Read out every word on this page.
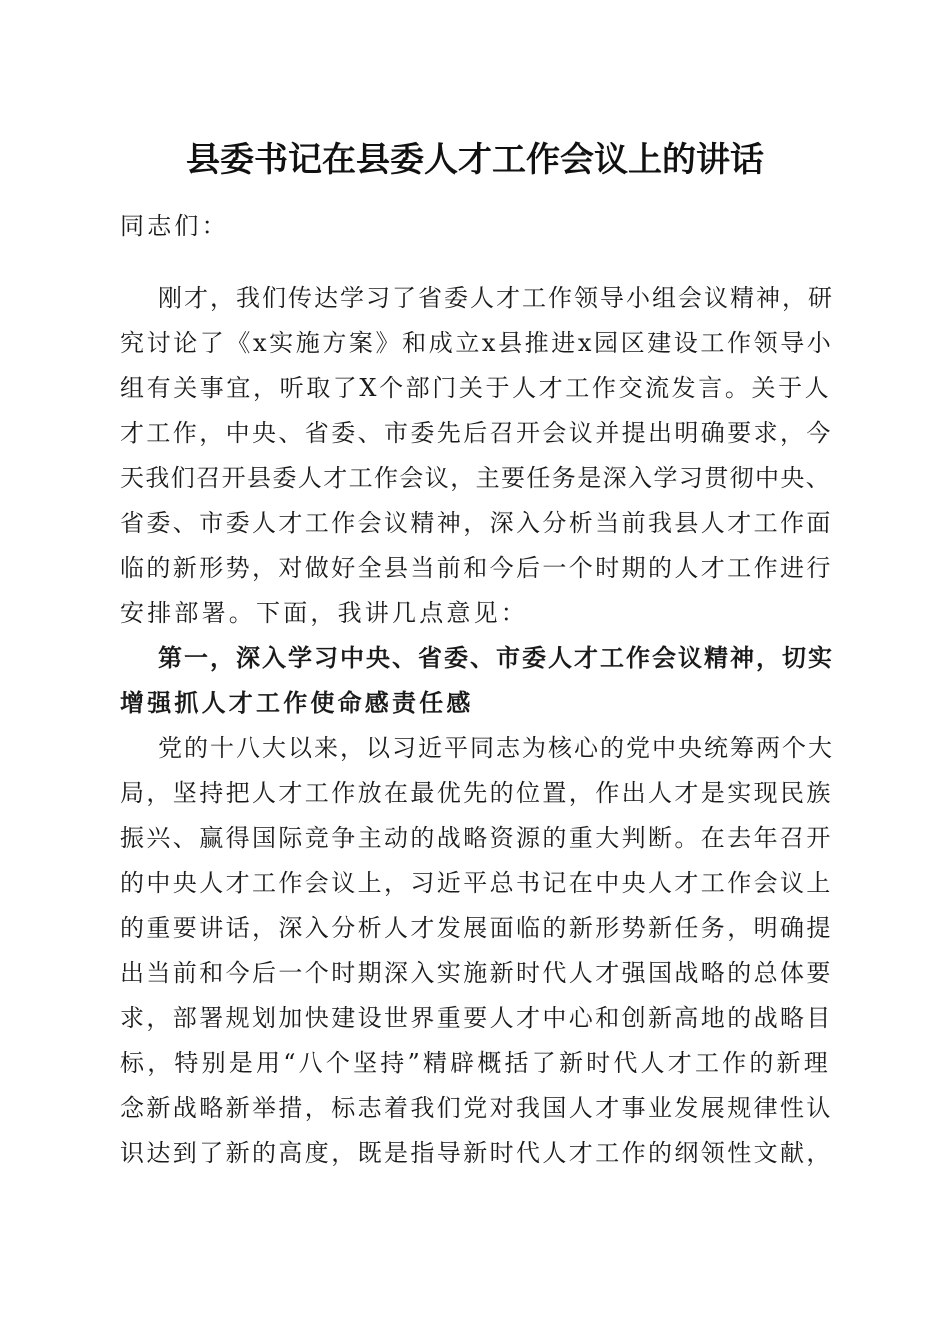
县委书记在县委人才工作会议上的讲话
同志们：
刚才，我们传达学习了省委人才工作领导小组会议精神，研
究讨论了《x实施方案》和成立x县推进x园区建设工作领导小
组有关事宜，听取了X个部门关于人才工作交流发言。关于人
才工作，中央、省委、市委先后召开会议并提出明确要求，今
天我们召开县委人才工作会议，主要任务是深入学习贯彻中央、
省委、市委人才工作会议精神，深入分析当前我县人才工作面
临的新形势，对做好全县当前和今后一个时期的人才工作进行
安排部署。下面，我讲几点意见：
第一，深入学习中央、省委、市委人才工作会议精神，切实
增强抓人才工作使命感责任感
党的十八大以来，以习近平同志为核心的党中央统筹两个大
局，坚持把人才工作放在最优先的位置，作出人才是实现民族
振兴、赢得国际竞争主动的战略资源的重大判断。在去年召开
的中央人才工作会议上，习近平总书记在中央人才工作会议上
的重要讲话，深入分析人才发展面临的新形势新任务，明确提
出当前和今后一个时期深入实施新时代人才强国战略的总体要
求，部署规划加快建设世界重要人才中心和创新高地的战略目
标，特别是用“八个坚持”精辟概括了新时代人才工作的新理
念新战略新举措，标志着我们党对我国人才事业发展规律性认
识达到了新的高度，既是指导新时代人才工作的纲领性文献，
